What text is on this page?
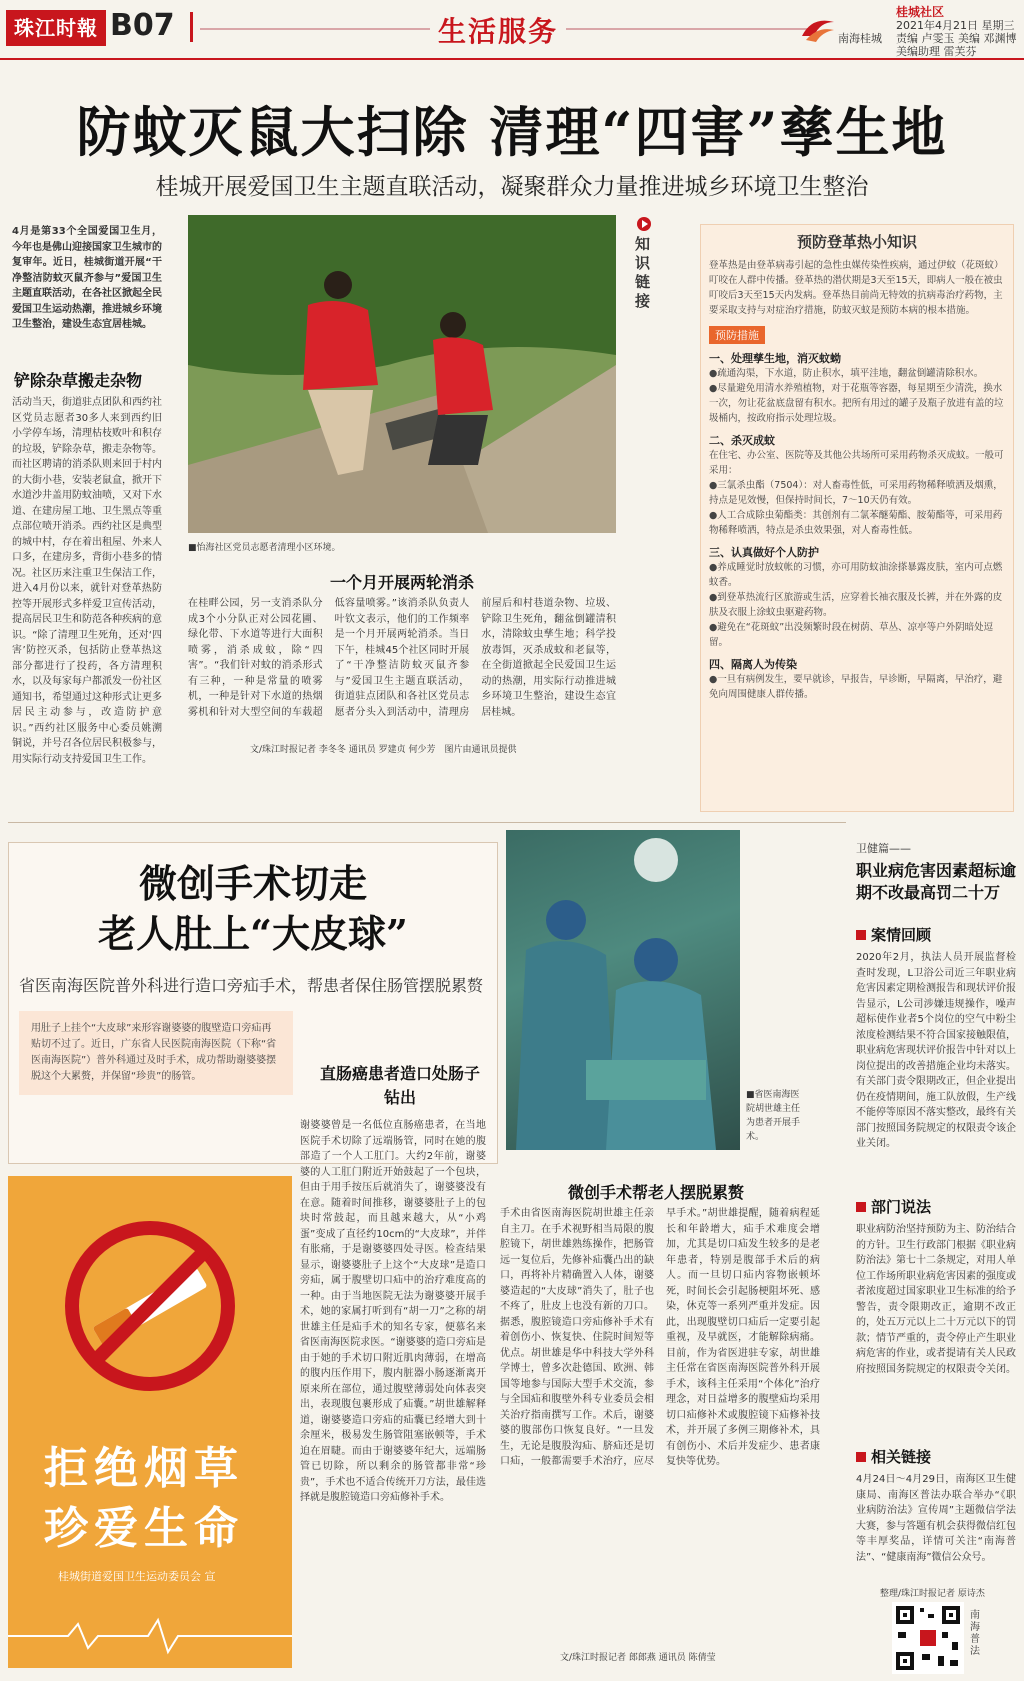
珠江时報 B07	生活服务	南海桂城
桂城社区
2021年4月21日 星期三
责编 卢雯玉 美编 邓渊博
美编助理 雷芙芬
防蚊灭鼠大扫除 清理“四害”孳生地
桂城开展爱国卫生主题直联活动，凝聚群众力量推进城乡环境卫生整治
4月是第33个全国爱国卫生月，今年也是佛山迎接国家卫生城市的复审年。近日，桂城街道开展“干净整洁防蚊灭鼠齐参与”爱国卫生主题直联活动，在各社区掀起全民爱国卫生运动热潮，推进城乡环境卫生整治，建设生态宜居桂城。
铲除杂草搬走杂物
活动当天，街道驻点团队和西约社区党员志愿者30多人来到西约旧小学停车场，清理枯枝败叶和积存的垃圾，铲除杂草，搬走杂物等。而社区聘请的消杀队则来回于村内的大街小巷，安装老鼠盒，掀开下水道沙井盖用防蚊油喷，又对下水道、在建房屋工地、卫生黑点等重点部位喷开消杀。西约社区是典型的城中村，存在着出租屋、外来人口多，在建房多，背街小巷多的情况。社区历来注重卫生保洁工作，进入4月份以来，就针对登革热防控等开展形式多样爱卫宣传活动，提高居民卫生和防范各种疾病的意识。“除了清理卫生死角，还对‘四害’防控灭杀，包括防止登革热这部分都进行了投药，各方清理积水，以及每家每户都派发一份社区通知书，希望通过这种形式让更多居民主动参与，改造防护意识。”西约社区服务中心委员姚溯铜说，并号召各位居民积极参与，用实际行动支持爱国卫生工作。
■怡海社区党员志愿者清理小区环境。
一个月开展两轮消杀
在桂畔公园，另一支消杀队分成3个小分队正对公园花圃、绿化带、下水道等进行大面积喷雾，消杀成蚊，除“四害”。“我们针对蚊的消杀形式有三种，一种是常量的喷雾机，一种是针对下水道的热烟雾机和针对大型空间的车载超低容量喷雾。”该消杀队负责人叶钦文表示，他们的工作频率是一个月开展两轮消杀。当日下午，桂城45个社区同时开展了“干净整洁防蚊灭鼠齐参与”爱国卫生主题直联活动，街道驻点团队和各社区党员志愿者分头入到活动中，清理房前屋后和村巷道杂物、垃圾、铲除卫生死角，翻盆倒罐清积水，清除蚊虫孳生地；科学投放毒饵，灭杀成蚊和老鼠等，在全街道掀起全民爱国卫生运动的热潮，用实际行动推进城乡环境卫生整治，建设生态宜居桂城。
文/珠江时报记者 李冬冬 通讯员 罗建贞 何少芳　图片由通讯员提供
知识链接	预防登革热小知识
登革热是由登革病毒引起的急性虫媒传染性疾病，通过伊蚊（花斑蚊）叮咬在人群中传播。登革热的潜伏期是3天至15天，即病人一般在被虫叮咬后3天至15天内发病。登革热目前尚无特效的抗病毒治疗药物，主要采取支持与对症治疗措施，防蚊灭蚊是预防本病的根本措施。
预防措施
一、处理孳生地，消灭蚊蚴
●疏通沟渠，下水道，防止积水，填平洼地，翻盆倒罐清除积水。
●尽量避免用清水养殖植物，对于花瓶等容器，每星期至少清洗，换水一次，勿让花盆底盘留有积水。把所有用过的罐子及瓶子放进有盖的垃圾桶内，按政府指示处理垃圾。
二、杀灭成蚊
在住宅、办公室、医院等及其他公共场所可采用药物杀灭成蚊。一般可采用：
●三氯杀虫酯（7504）：对人畜毒性低，可采用药物稀释喷洒及烟熏，持点是见效慢，但保持时间长，7～10天仍有效。
●人工合成除虫菊酯类：其创剂有二氯苯醚菊酯、胺菊酯等，可采用药物稀释喷洒，特点是杀虫效果强，对人畜毒性低。
三、认真做好个人防护
●养成睡觉时放蚊帐的习惯，亦可用防蚊油涂搽暴露皮肤，室内可点燃蚊香。
●到登革热流行区旅游或生活，应穿着长袖衣服及长裤，并在外露的皮肤及衣服上涂蚊虫驱避药物。
●避免在“花斑蚊”出没频繁时段在树荫、草丛、凉亭等户外阴暗处逗留。
四、隔离人为传染
●一旦有病例发生，要早就诊，早报告，早诊断，早隔离，早治疗，避免向周围健康人群传播。
微创手术切走
老人肚上“大皮球”
省医南海医院普外科进行造口旁疝手术，帮患者保住肠管摆脱累赘
用肚子上挂个“大皮球”来形容谢婆婆的腹壁造口旁疝再贴切不过了。近日，广东省人民医院南海医院（下称“省医南海医院”）普外科通过及时手术，成功帮助谢婆婆摆脱这个大累赘，并保留“珍贵”的肠管。	直肠癌患者造口处肠子钻出
谢婆婆曾是一名低位直肠癌患者，在当地医院手术切除了远端肠管，同时在她的腹部造了一个人工肛门。大约2年前，谢婆婆的人工肛门附近开始鼓起了一个包块，但由于用手按压后就消失了，谢婆婆没有在意。随着时间推移，谢婆婆肚子上的包块时常鼓起，而且越来越大，从“小鸡蛋”变成了直径约10cm的“大皮球”，并伴有胀痛，于是谢婆婆四处寻医。检查结果显示，谢婆婆肚子上这个“大皮球”是造口旁疝，属于腹壁切口疝中的治疗难度高的一种。由于当地医院无法为谢婆婆开展手术，她的家属打听到有“胡一刀”之称的胡世雄主任是疝手术的知名专家，便慕名来省医南海医院求医。“谢婆婆的造口旁疝是由于她的手术切口附近肌肉薄弱，在增高的腹内压作用下，腹内脏器小肠逐渐离开原来所在部位，通过腹壁薄弱处向体表突出，表现腹包裹形成了疝囊。”胡世雄解释道，谢婆婆造口旁疝的疝囊已经增大到十余厘米，极易发生肠管阻塞嵌顿等，手术迫在眉睫。而由于谢婆婆年纪大，远端肠管已切除，所以剩余的肠管都非常“珍贵”，手术也不适合传统开刀方法，最佳选择就是腹腔镜造口旁疝修补手术。
拒绝烟草
珍爱生命
桂城街道爱国卫生运动委员会 宣
■省医南海医院胡世雄主任为患者开展手术。
微创手术帮老人摆脱累赘
手术由省医南海医院胡世雄主任亲自主刀。在手术视野相当局限的腹腔镜下，胡世雄熟练操作，把肠管远一复位后，先修补疝囊凸出的缺口，再将补片精确置入人体，谢婆婆造起的“大皮球”消失了，肚子也不疼了，肚皮上也没有新的刀口。据悉，腹腔镜造口旁疝修补手术有着创伤小、恢复快、住院时间短等优点。胡世雄是华中科技大学外科学博士，曾多次赴德国、欧洲、韩国等地参与国际大型手术交流，参与全国疝和腹壁外科专业委员会相关治疗指南撰写工作。术后，谢婆婆的腹部伤口恢复良好。“一旦发生，无论是腹股沟疝、脐疝还是切口疝，一般都需要手术治疗，应尽早手术。”胡世雄提醒，随着病程延长和年龄增大，疝手术难度会增加，尤其是切口疝发生较多的是老年患者，特别是腹部手术后的病人。而一旦切口疝内容物嵌顿坏死，时间长会引起肠梗阻坏死、感染，休克等一系列严重并发症。因此，出现腹壁切口疝后一定要引起重视，及早就医，才能解除病痛。目前，作为省医进驻专家，胡世雄主任常在省医南海医院普外科开展手术，该科主任采用“个体化”治疗理念，对日益增多的腹壁疝均采用切口疝修补术或腹腔镜下疝修补技术，并开展了多例三期修补术，具有创伤小、术后并发症少、患者康复快等优势。
文/珠江时报记者 郎郎燕 通讯员 陈倩莹
卫健篇——
职业病危害因素超标逾期不改最高罚二十万
案情回顾
2020年2月，执法人员开展监督检查时发现，L卫浴公司近三年职业病危害因素定期检测报告和现状评价报告显示，L公司涉嫌违规操作，噪声超标使作业者5个岗位的空气中粉尘浓度检测结果不符合国家接触限值，职业病危害现状评价报告中针对以上岗位提出的改善措施企业均未落实。有关部门责令限期改正，但企业提出仍在疫情期间，施工队放假，生产线不能停等原因不落实整改，最终有关部门按照国务院规定的权限责令该企业关闭。
部门说法
职业病防治坚持预防为主、防治结合的方针。卫生行政部门根据《职业病防治法》第七十二条规定，对用人单位工作场所职业病危害因素的强度或者浓度超过国家职业卫生标准的给予警告，责令限期改正，逾期不改正的，处五万元以上二十万元以下的罚款；情节严重的，责令停止产生职业病危害的作业，或者提请有关人民政府按照国务院规定的权限责令关闭。
相关链接
4月24日～4月29日，南海区卫生健康局、南海区普法办联合举办“《职业病防治法》宣传周”主题微信学法大赛，参与答题有机会获得微信红包等丰厚奖品，详情可关注“南海普法”、“健康南海”微信公众号。
整理/珠江时报记者 原诗杰
南海普法
